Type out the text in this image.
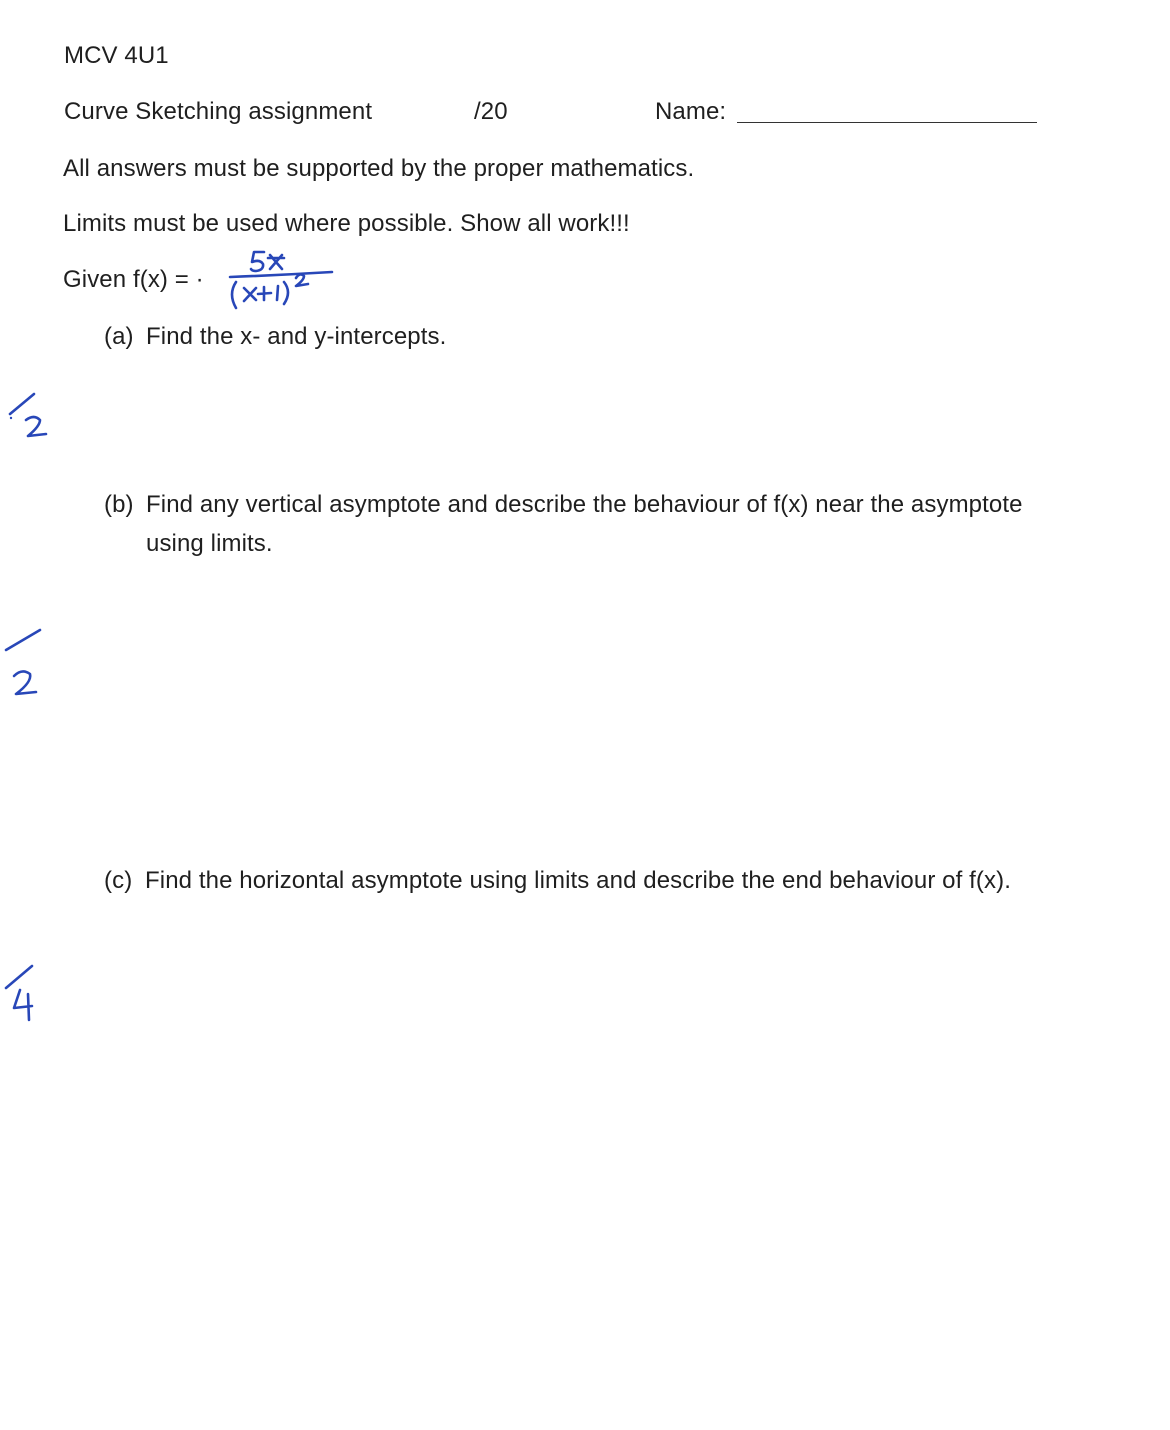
MCV 4U1
Curve Sketching assignment	/20	Name:
All answers must be supported by the proper mathematics.
Limits must be used where possible. Show all work!!!
Given f(x) = ·
(a) Find the x- and y-intercepts.
(b) Find any vertical asymptote and describe the behaviour of f(x) near the asymptote
using limits.
(c) Find the horizontal asymptote using limits and describe the end behaviour of f(x).
